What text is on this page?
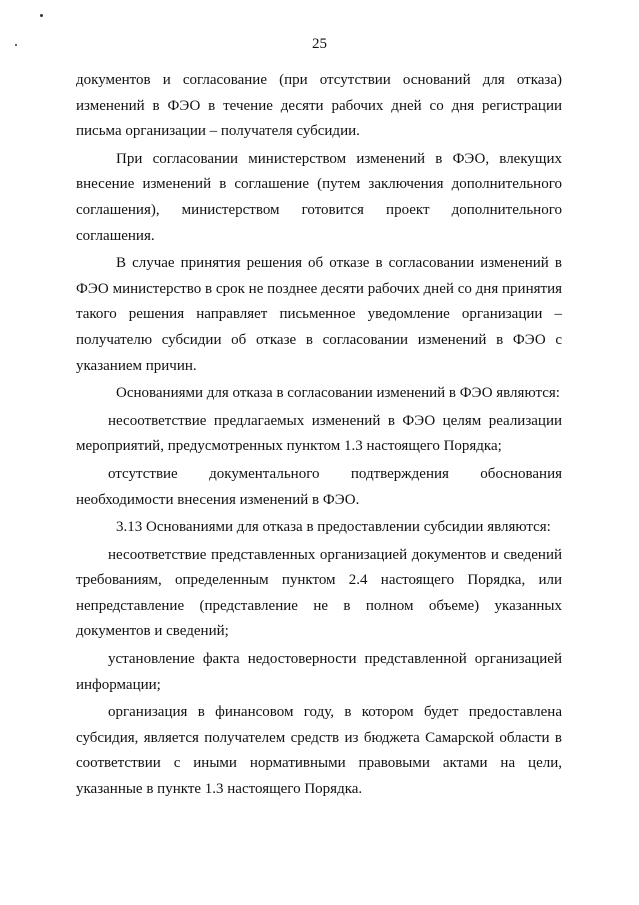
25

документов и согласование (при отсутствии оснований для отказа) изменений в ФЭО в течение десяти рабочих дней со дня регистрации письма организации – получателя субсидии.

При согласовании министерством изменений в ФЭО, влекущих внесение изменений в соглашение (путем заключения дополнительного соглашения), министерством готовится проект дополнительного соглашения.

В случае принятия решения об отказе в согласовании изменений в ФЭО министерство в срок не позднее десяти рабочих дней со дня принятия такого решения направляет письменное уведомление организации – получателю субсидии об отказе в согласовании изменений в ФЭО с указанием причин.

Основаниями для отказа в согласовании изменений в ФЭО являются:

несоответствие предлагаемых изменений в ФЭО целям реализации мероприятий, предусмотренных пунктом 1.3 настоящего Порядка;

отсутствие документального подтверждения обоснования необходимости внесения изменений в ФЭО.

3.13 Основаниями для отказа в предоставлении субсидии являются:

несоответствие представленных организацией документов и сведений требованиям, определенным пунктом 2.4 настоящего Порядка, или непредставление (представление не в полном объеме) указанных документов и сведений;

установление факта недостоверности представленной организацией информации;

организация в финансовом году, в котором будет предоставлена субсидия, является получателем средств из бюджета Самарской области в соответствии с иными нормативными правовыми актами на цели, указанные в пункте 1.3 настоящего Порядка.
